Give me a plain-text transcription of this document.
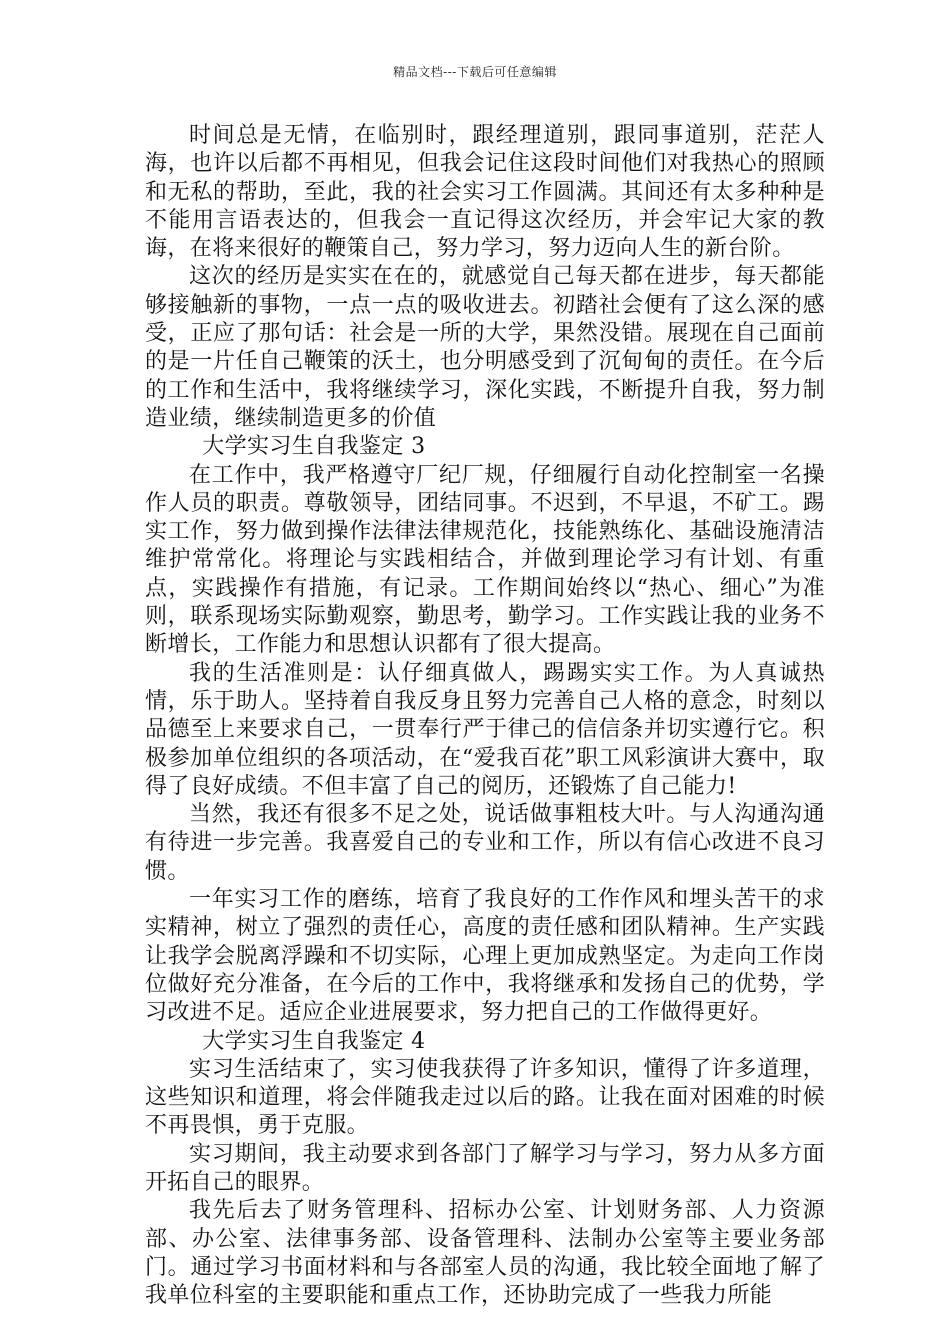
精品文档---下载后可任意编辑

时间总是无情，在临别时，跟经理道别，跟同事道别，茫茫人海，也许以后都不再相见，但我会记住这段时间他们对我热心的照顾和无私的帮助，至此，我的社会实习工作圆满。其间还有太多种种是不能用言语表达的，但我会一直记得这次经历，并会牢记大家的教诲，在将来很好的鞭策自己，努力学习，努力迈向人生的新台阶。

这次的经历是实实在在的，就感觉自己每天都在进步，每天都能够接触新的事物，一点一点的吸收进去。初踏社会便有了这么深的感受，正应了那句话：社会是一所的大学，果然没错。展现在自己面前的是一片任自己鞭策的沃土，也分明感受到了沉甸甸的责任。在今后的工作和生活中，我将继续学习，深化实践，不断提升自我，努力制造业绩，继续制造更多的价值

大学实习生自我鉴定 3

在工作中，我严格遵守厂纪厂规，仔细履行自动化控制室一名操作人员的职责。尊敬领导，团结同事。不迟到，不早退，不矿工。踢实工作，努力做到操作法律法律规范化，技能熟练化、基础设施清洁维护常常化。将理论与实践相结合，并做到理论学习有计划、有重点，实践操作有措施，有记录。工作期间始终以“热心、细心”为准则，联系现场实际勤观察，勤思考，勤学习。工作实践让我的业务不断增长，工作能力和思想认识都有了很大提高。

我的生活准则是：认仔细真做人，踢踢实实工作。为人真诚热情，乐于助人。坚持着自我反身且努力完善自己人格的意念，时刻以品德至上来要求自己，一贯奉行严于律己的信信条并切实遵行它。积极参加单位组织的各项活动，在“爱我百花”职工风彩演讲大赛中，取得了良好成绩。不但丰富了自己的阅历，还锻炼了自己能力!

当然，我还有很多不足之处，说话做事粗枝大叶。与人沟通沟通有待进一步完善。我喜爱自己的专业和工作，所以有信心改进不良习惯。

一年实习工作的磨练，培育了我良好的工作作风和埋头苦干的求实精神，树立了强烈的责任心，高度的责任感和团队精神。生产实践让我学会脱离浮躁和不切实际，心理上更加成熟坚定。为走向工作岗位做好充分准备，在今后的工作中，我将继承和发扬自己的优势，学习改进不足。适应企业进展要求，努力把自己的工作做得更好。

大学实习生自我鉴定 4

实习生活结束了，实习使我获得了许多知识，懂得了许多道理，这些知识和道理，将会伴随我走过以后的路。让我在面对困难的时候不再畏惧，勇于克服。

实习期间，我主动要求到各部门了解学习与学习，努力从多方面开拓自己的眼界。

我先后去了财务管理科、招标办公室、计划财务部、人力资源部、办公室、法律事务部、设备管理科、法制办公室等主要业务部门。通过学习书面材料和与各部室人员的沟通，我比较全面地了解了我单位科室的主要职能和重点工作，还协助完成了一些我力所能
